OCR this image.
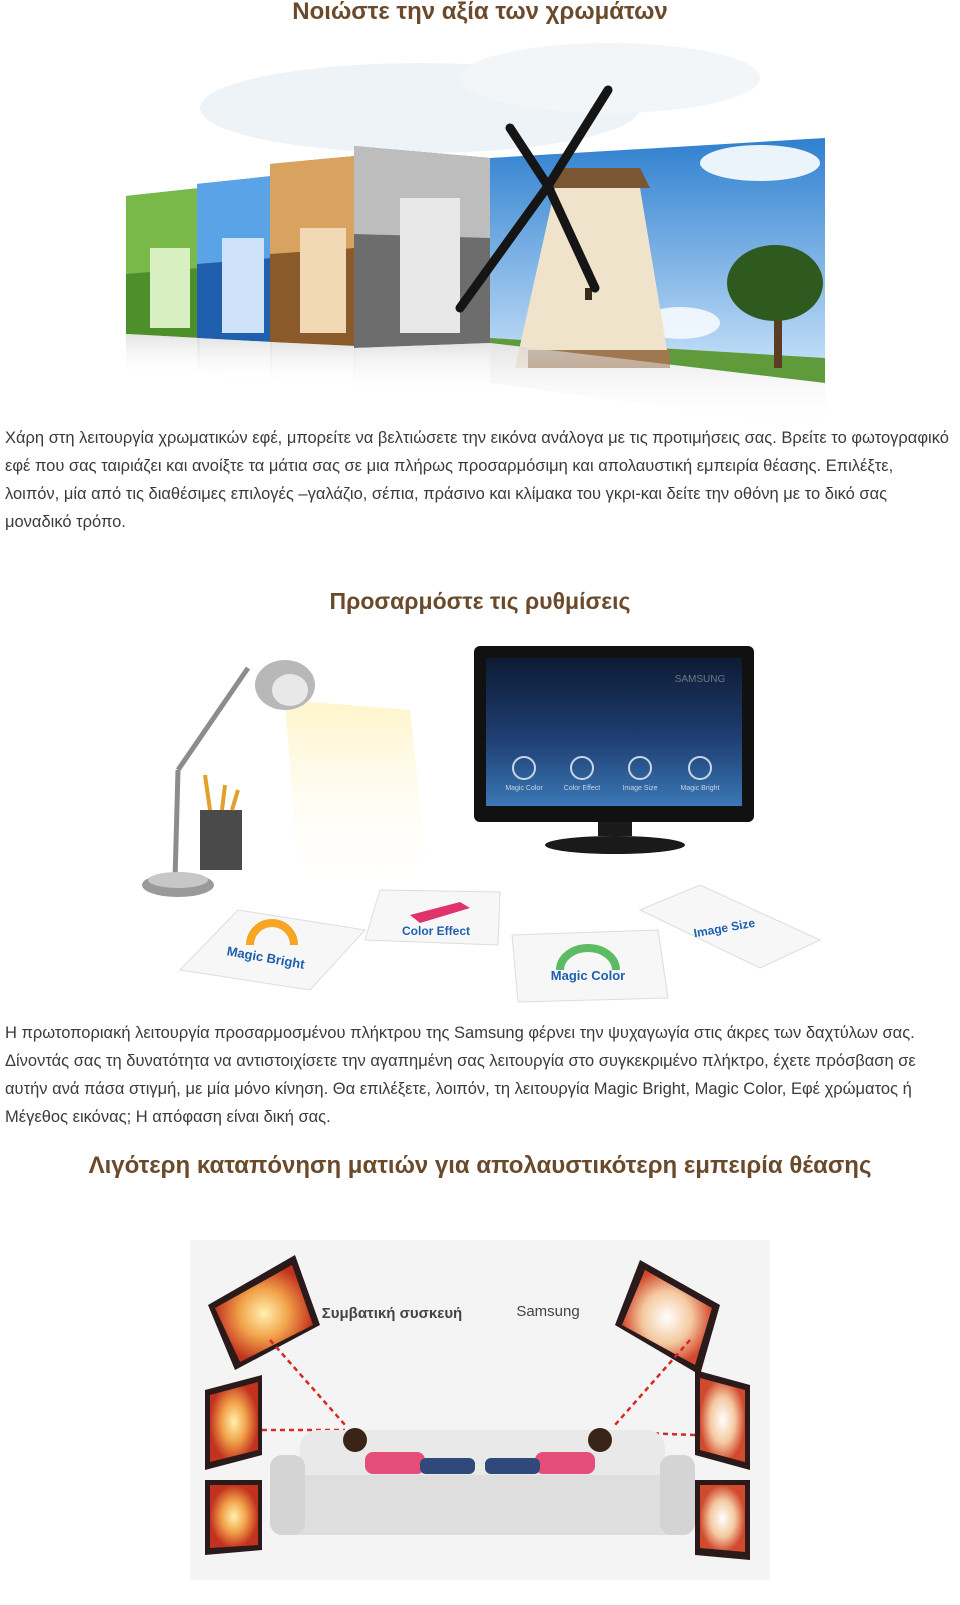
Νοιώστε την αξία των χρωμάτων

Χάρη στη λειτουργία χρωματικών εφέ, μπορείτε να βελτιώσετε την εικόνα ανάλογα με τις προτιμήσεις σας. Βρείτε το φωτογραφικό εφέ που σας ταιριάζει και ανοίξτε τα μάτια σας σε μια πλήρως προσαρμόσιμη και απολαυστική εμπειρία θέασης. Επιλέξτε, λοιπόν, μία από τις διαθέσιμες επιλογές –γαλάζιο, σέπια, πράσινο και κλίμακα του γκρι-και δείτε την οθόνη με το δικό σας μοναδικό τρόπο.

Προσαρμόστε τις ρυθμίσεις
SAMSUNG
Magic Color	Color Effect	Image Size	Magic Bright
Magic Bright
Color Effect
Magic Color
Image Size

Η πρωτοποριακή λειτουργία προσαρμοσμένου πλήκτρου της Samsung φέρνει την ψυχαγωγία στις άκρες των δαχτύλων σας. Δίνοντάς σας τη δυνατότητα να αντιστοιχίσετε την αγαπημένη σας λειτουργία στο συγκεκριμένο πλήκτρο, έχετε πρόσβαση σε αυτήν ανά πάσα στιγμή, με μία μόνο κίνηση. Θα επιλέξετε, λοιπόν, τη λειτουργία Magic Bright, Magic Color, Εφέ χρώματος ή Μέγεθος εικόνας; Η απόφαση είναι δική σας.

Λιγότερη καταπόνηση ματιών για απολαυστικότερη εμπειρία θέασης
Συμβατική συσκευή	Samsung
